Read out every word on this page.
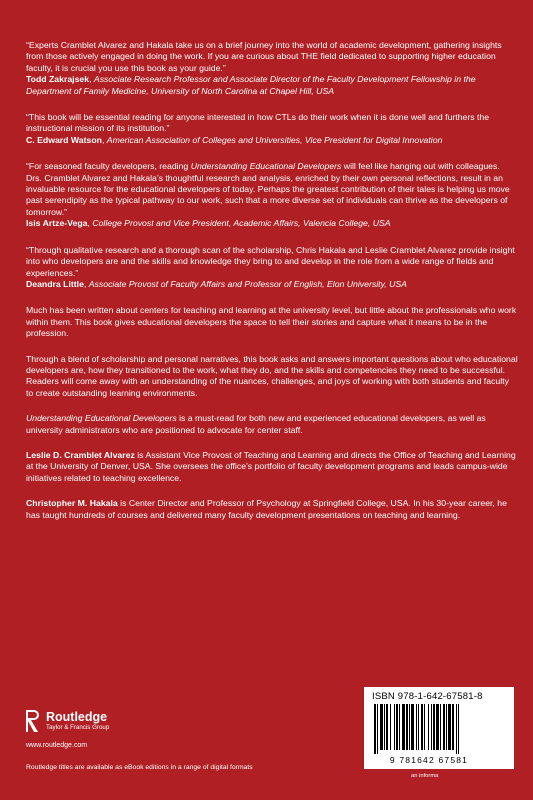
“Experts Cramblet Alvarez and Hakala take us on a brief journey into the world of academic development, gathering insights from those actively engaged in doing the work. If you are curious about THE field dedicated to supporting higher education faculty, it is crucial you use this book as your guide.”

Todd Zakrajsek, Associate Research Professor and Associate Director of the Faculty Development Fellowship in the Department of Family Medicine, University of North Carolina at Chapel Hill, USA

“This book will be essential reading for anyone interested in how CTLs do their work when it is done well and furthers the instructional mission of its institution.”

C. Edward Watson, American Association of Colleges and Universities, Vice President for Digital Innovation

“For seasoned faculty developers, reading Understanding Educational Developers will feel like hanging out with colleagues. Drs. Cramblet Alvarez and Hakala’s thoughtful research and analysis, enriched by their own personal reflections, result in an invaluable resource for the educational developers of today. Perhaps the greatest contribution of their tales is helping us move past serendipity as the typical pathway to our work, such that a more diverse set of individuals can thrive as the developers of tomorrow.”

Isis Artze-Vega, College Provost and Vice President, Academic Affairs, Valencia College, USA

“Through qualitative research and a thorough scan of the scholarship, Chris Hakala and Leslie Cramblet Alvarez provide insight into who developers are and the skills and knowledge they bring to and develop in the role from a wide range of fields and experiences.”

Deandra Little, Associate Provost of Faculty Affairs and Professor of English, Elon University, USA

Much has been written about centers for teaching and learning at the university level, but little about the professionals who work within them. This book gives educational developers the space to tell their stories and capture what it means to be in the profession.

Through a blend of scholarship and personal narratives, this book asks and answers important questions about who educational developers are, how they transitioned to the work, what they do, and the skills and competencies they need to be successful. Readers will come away with an understanding of the nuances, challenges, and joys of working with both students and faculty to create outstanding learning environments.

Understanding Educational Developers is a must-read for both new and experienced educational developers, as well as university administrators who are positioned to advocate for center staff.

Leslie D. Cramblet Alvarez is Assistant Vice Provost of Teaching and Learning and directs the Office of Teaching and Learning at the University of Denver, USA. She oversees the office’s portfolio of faculty development programs and leads campus-wide initiatives related to teaching excellence.

Christopher M. Hakala is Center Director and Professor of Psychology at Springfield College, USA. In his 30-year career, he has taught hundreds of courses and delivered many faculty development presentations on teaching and learning.

Routledge
Taylor & Francis Group
www.routledge.com
Routledge titles are available as eBook editions in a range of digital formats
ISBN 978-1-642-67581-8
9 781642 67581
an informa
